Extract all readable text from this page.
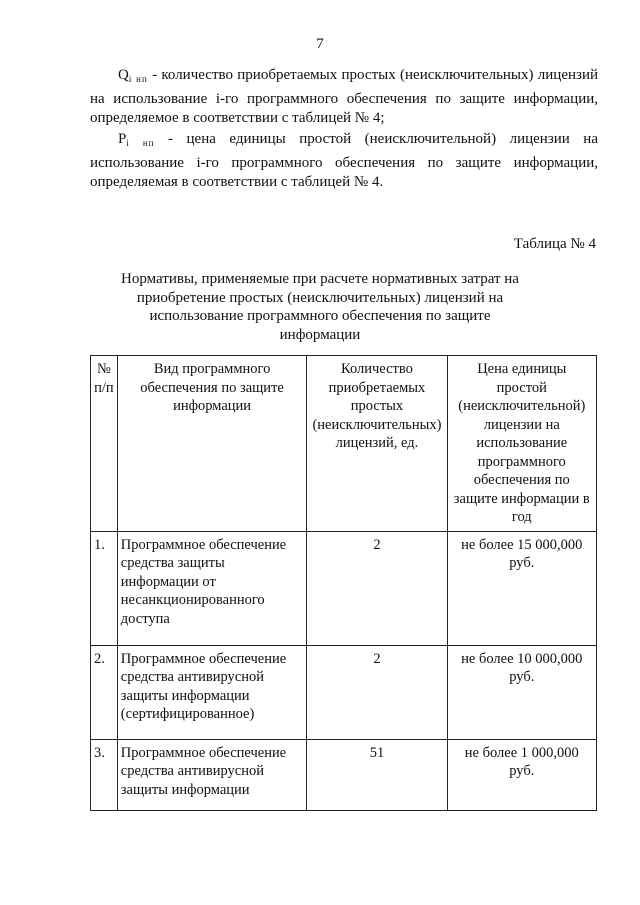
7
$Q_{i нп}$ - количество приобретаемых простых (неисключительных) лицензий на использование i-го программного обеспечения по защите информации, определяемое в соответствии с таблицей № 4;
$P_{i нп}$ - цена единицы простой (неисключительной) лицензии на использование i-го программного обеспечения по защите информации, определяемая в соответствии с таблицей № 4.
Таблица № 4
Нормативы, применяемые при расчете нормативных затрат на приобретение простых (неисключительных) лицензий на использование программного обеспечения по защите информации
№ п/п	Вид программного обеспечения по защите информации	Количество приобретаемых простых (неисключительных) лицензий, ед.	Цена единицы простой (неисключительной) лицензии на использование программного обеспечения по защите информации в год
1.	Программное обеспечение средства защиты информации от несанкционированного доступа	2	не более 15 000,000 руб.
2.	Программное обеспечение средства антивирусной защиты информации (сертифицированное)	2	не более 10 000,000 руб.
3.	Программное обеспечение средства антивирусной защиты информации	51	не более 1 000,000 руб.
